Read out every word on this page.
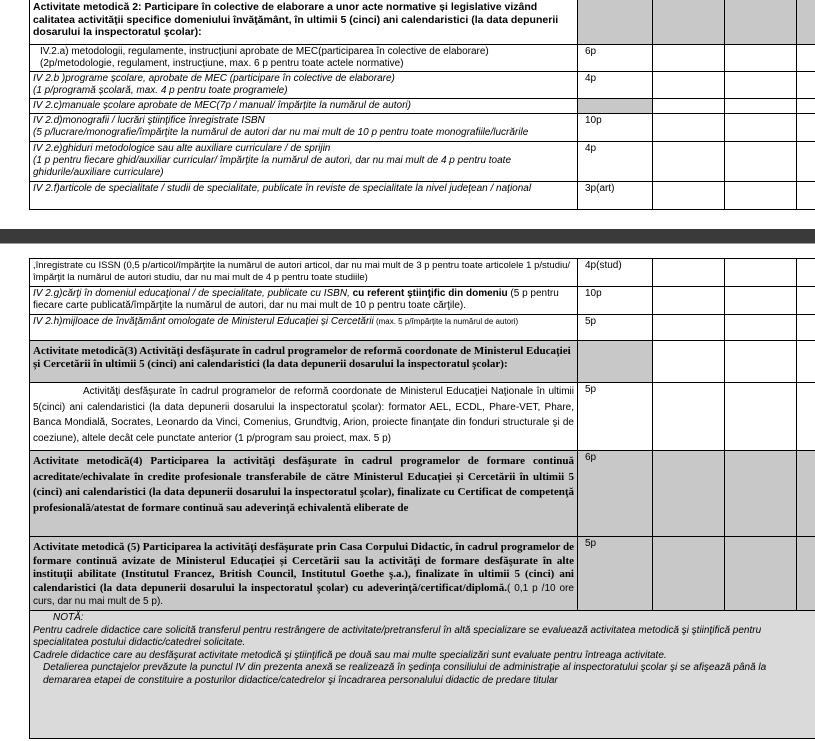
Activitate metodică 2: Participare în colective de elaborare a unor acte normative și legislative vizând calitatea activităţii specifice domeniului învăţământ, în ultimii 5 (cinci) ani calendaristici (la data depunerii dosarului la inspectoratul şcolar):				
IV.2.a) metodologii, regulamente, instrucțiuni aprobate de MEC(participarea în colective de elaborare)
(2p/metodologie, regulament, instrucțiune, max. 6 p pentru toate actele normative)	6p			
IV 2.b )programe școlare, aprobate de MEC (participare în colective de elaborare)
(1 p/programă școlară, max. 4 p pentru toate programele)	4p			
IV 2.c)manuale școlare aprobate de MEC(7p / manual/ împărțite la numărul de autori)				
IV 2.d)monografii / lucrări ştiinţifice înregistrate ISBN
(5 p/lucrare/monografie/împărţite la numărul de autori dar nu mai mult de 10 p pentru toate monografiile/lucrările	10p			
IV 2.e)ghiduri metodologice sau alte auxiliare curriculare / de sprijin
(1 p pentru fiecare ghid/auxiliar curricular/ împărţite la numărul de autori, dar nu mai mult de 4 p pentru toate ghidurile/auxiliare curriculare)	4p			
IV 2.f)articole de specialitate / studii de specialitate, publicate în reviste de specialitate la nivel judeţean / naţional	3p(art)			
,înregistrate cu ISSN (0,5 p/articol/împărţite la numărul de autori articol, dar nu mai mult de 3 p pentru toate articolele 1 p/studiu/împărţit la numărul de autori studiu, dar nu mai mult de 4 p pentru toate studiile)	4p(stud)			
IV 2.g)cărţi în domeniul educaţional / de specialitate, publicate cu ISBN, cu referent ştiinţific din domeniu (5 p pentru fiecare carte publicată/împărţite la numărul de autori, dar nu mai mult de 10 p pentru toate cărţile).	10p			
IV 2.h)mijloace de învăţământ omologate de Ministerul Educației și Cercetării (max. 5 p/împărţite la numărul de autori)	5p			
Activitate metodică(3) Activităţi desfăşurate în cadrul programelor de reformă coordonate de Ministerul Educației și Cercetării în ultimii 5 (cinci) ani calendaristici (la data depunerii dosarului la inspectoratul şcolar):				
Activităţi desfăşurate în cadrul programelor de reformă coordonate de Ministerul Educaţiei Naţionale în ultimii 5(cinci) ani calendaristici (la data depunerii dosarului la inspectoratul şcolar): formator AEL, ECDL, Phare-VET, Phare, Banca Mondială, Socrates, Leonardo da Vinci, Comenius, Grundtvig, Arion, proiecte finanţate din fonduri structurale şi de coeziune), altele decât cele punctate anterior (1 p/program sau proiect, max. 5 p)	5p			
Activitate metodică(4) Participarea la activităţi desfăşurate în cadrul programelor de formare continuă acreditate/echivalate în credite profesionale transferabile de către Ministerul Educației și Cercetării în ultimii 5 (cinci) ani calendaristici (la data depunerii dosarului la inspectoratul şcolar), finalizate cu Certificat de competenţă profesională/atestat de formare continuă sau adeverinţă echivalentă eliberate de	6p			
Activitate metodică (5) Participarea la activităţi desfăşurate prin Casa Corpului Didactic, în cadrul programelor de formare continuă avizate de Ministerul Educației și Cercetării sau la activităţi de formare desfăşurate în alte instituţii abilitate (Institutul Francez, British Council, Institutul Goethe ş.a.), finalizate în ultimii 5 (cinci) ani calendaristici (la data depunerii dosarului la inspectoratul şcolar) cu adeverinţă/certificat/diplomă.( 0,1 p /10 ore curs, dar nu mai mult de 5 p).	5p			

NOTĂ:

Pentru cadrele didactice care solicită transferul pentru restrângere de activitate/pretransferul în altă specializare se evaluează activitatea metodică şi ştiinţifică pentru specialitatea postului didactic/catedrei solicitate.

Cadrele didactice care au desfăşurat activitate metodică şi ştiinţifică pe două sau mai multe specializări sunt evaluate pentru întreaga activitate.

Detalierea punctajelor prevăzute la punctul IV din prezenta anexă se realizează în şedinţa consiliului de administraţie al inspectoratului şcolar şi se afişează până la demararea etapei de constituire a posturilor didactice/catedrelor şi încadrarea personalului didactic de predare titular				
